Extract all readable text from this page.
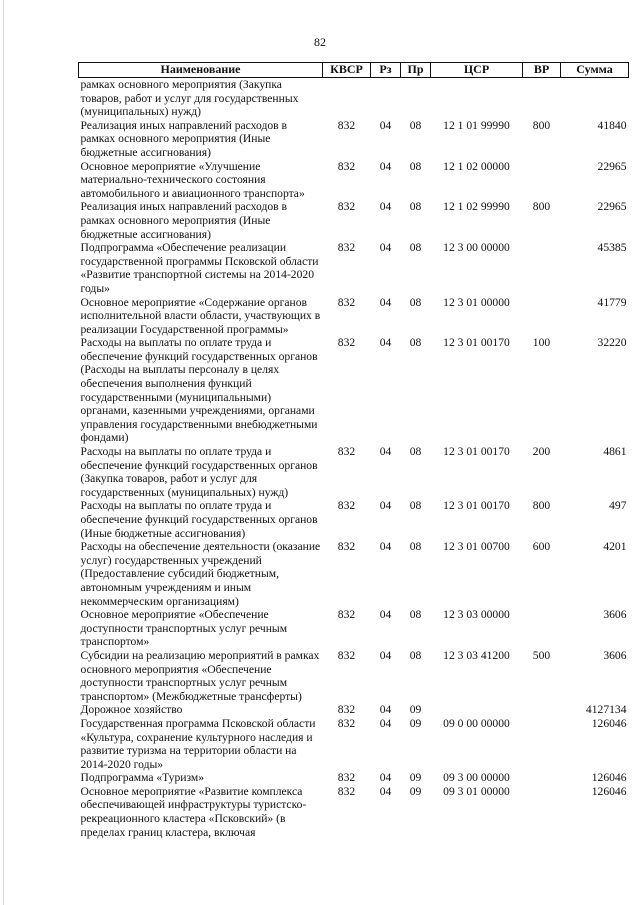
82
Наименование	КВСР	Рз	Пр	ЦСР	ВР	Сумма
рамках основного мероприятия (Закупка товаров, работ и услуг для государственных (муниципальных) нужд)						
Реализация иных направлений расходов в рамках основного мероприятия (Иные бюджетные ассигнования)	832	04	08	12 1 01 99990	800	41840
Основное мероприятие «Улучшение материально-технического состояния автомобильного и авиационного транспорта»	832	04	08	12 1 02 00000		22965
Реализация иных направлений расходов в рамках основного мероприятия (Иные бюджетные ассигнования)	832	04	08	12 1 02 99990	800	22965
Подпрограмма «Обеспечение реализации государственной программы Псковской области «Развитие транспортной системы на 2014-2020 годы»	832	04	08	12 3 00 00000		45385
Основное мероприятие «Содержание органов исполнительной власти области, участвующих в реализации Государственной программы»	832	04	08	12 3 01 00000		41779
Расходы на выплаты по оплате труда и обеспечение функций государственных органов (Расходы на выплаты персоналу в целях обеспечения выполнения функций государственными (муниципальными) органами, казенными учреждениями, органами управления государственными внебюджетными фондами)	832	04	08	12 3 01 00170	100	32220
Расходы на выплаты по оплате труда и обеспечение функций государственных органов (Закупка товаров, работ и услуг для государственных (муниципальных) нужд)	832	04	08	12 3 01 00170	200	4861
Расходы на выплаты по оплате труда и обеспечение функций государственных органов (Иные бюджетные ассигнования)	832	04	08	12 3 01 00170	800	497
Расходы на обеспечение деятельности (оказание услуг) государственных учреждений (Предоставление субсидий бюджетным, автономным учреждениям и иным некоммерческим организациям)	832	04	08	12 3 01 00700	600	4201
Основное мероприятие «Обеспечение доступности транспортных услуг речным транспортом»	832	04	08	12 3 03 00000		3606
Субсидии на реализацию мероприятий в рамках основного мероприятия «Обеспечение доступности транспортных услуг речным транспортом» (Межбюджетные трансферты)	832	04	08	12 3 03 41200	500	3606
Дорожное хозяйство	832	04	09			4127134
Государственная программа Псковской области «Культура, сохранение культурного наследия и развитие туризма на территории области на 2014-2020 годы»	832	04	09	09 0 00 00000		126046
Подпрограмма «Туризм»	832	04	09	09 3 00 00000		126046
Основное мероприятие «Развитие комплекса обеспечивающей инфраструктуры туристско-рекреационного кластера «Псковский» (в пределах границ кластера, включая	832	04	09	09 3 01 00000		126046
